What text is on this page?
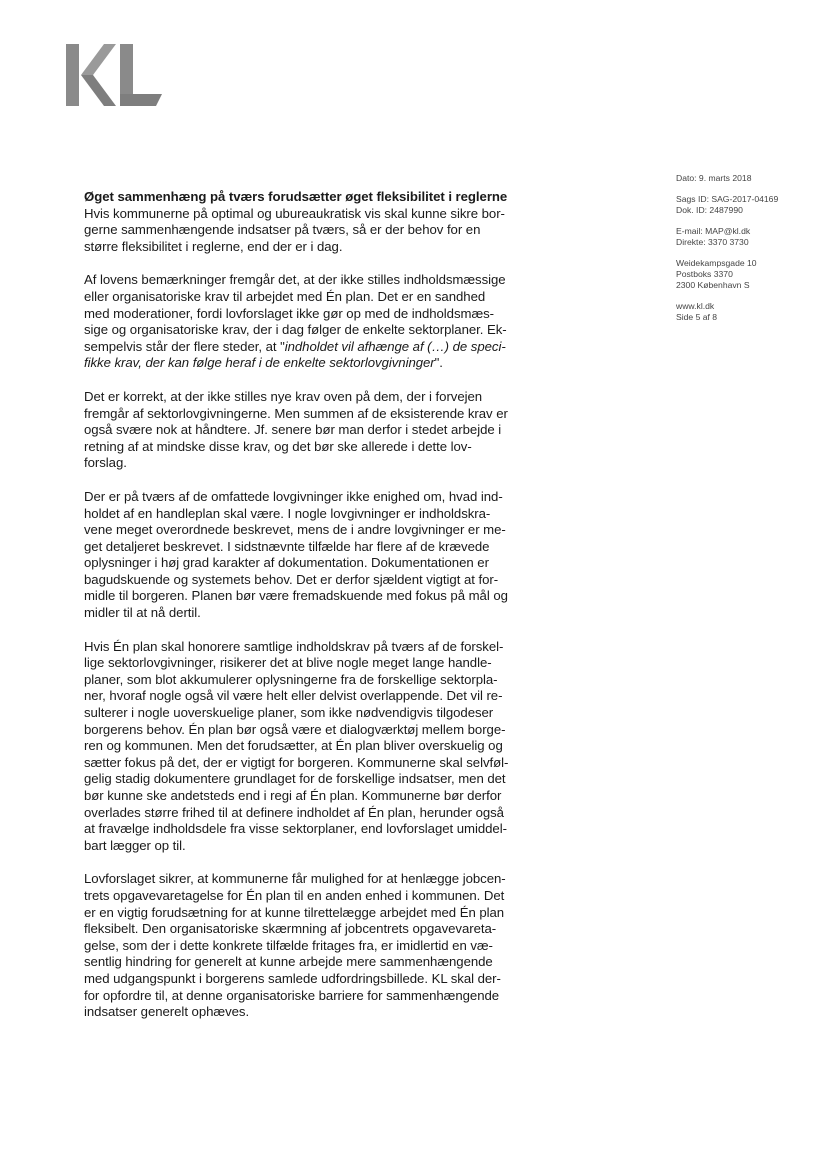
Dato: 9. marts 2018
Sags ID: SAG-2017-04169
Dok. ID: 2487990
E-mail: MAP@kl.dk
Direkte: 3370 3730
Weidekampsgade 10
Postboks 3370
2300 København S
www.kl.dk
Side 5 af 8
Øget sammenhæng på tværs forudsætter øget fleksibilitet i reglerne
Hvis kommunerne på optimal og ubureaukratisk vis skal kunne sikre bor-
gerne sammenhængende indsatser på tværs, så er der behov for en
større fleksibilitet i reglerne, end der er i dag.
Af lovens bemærkninger fremgår det, at der ikke stilles indholdsmæssige
eller organisatoriske krav til arbejdet med Én plan. Det er en sandhed
med moderationer, fordi lovforslaget ikke gør op med de indholdsmæs-
sige og organisatoriske krav, der i dag følger de enkelte sektorplaner. Ek-
sempelvis står der flere steder, at "indholdet vil afhænge af (…) de speci-
fikke krav, der kan følge heraf i de enkelte sektorlovgivninger".
Det er korrekt, at der ikke stilles nye krav oven på dem, der i forvejen
fremgår af sektorlovgivningerne. Men summen af de eksisterende krav er
også svære nok at håndtere. Jf. senere bør man derfor i stedet arbejde i
retning af at mindske disse krav, og det bør ske allerede i dette lov-
forslag.
Der er på tværs af de omfattede lovgivninger ikke enighed om, hvad ind-
holdet af en handleplan skal være. I nogle lovgivninger er indholdskra-
vene meget overordnede beskrevet, mens de i andre lovgivninger er me-
get detaljeret beskrevet. I sidstnævnte tilfælde har flere af de krævede
oplysninger i høj grad karakter af dokumentation. Dokumentationen er
bagudskuende og systemets behov. Det er derfor sjældent vigtigt at for-
midle til borgeren. Planen bør være fremadskuende med fokus på mål og
midler til at nå dertil.
Hvis Én plan skal honorere samtlige indholdskrav på tværs af de forskel-
lige sektorlovgivninger, risikerer det at blive nogle meget lange handle-
planer, som blot akkumulerer oplysningerne fra de forskellige sektorpla-
ner, hvoraf nogle også vil være helt eller delvist overlappende. Det vil re-
sulterer i nogle uoverskuelige planer, som ikke nødvendigvis tilgodeser
borgerens behov. Én plan bør også være et dialogværktøj mellem borge-
ren og kommunen. Men det forudsætter, at Én plan bliver overskuelig og
sætter fokus på det, der er vigtigt for borgeren. Kommunerne skal selvføl-
gelig stadig dokumentere grundlaget for de forskellige indsatser, men det
bør kunne ske andetsteds end i regi af Én plan. Kommunerne bør derfor
overlades større frihed til at definere indholdet af Én plan, herunder også
at fravælge indholdsdele fra visse sektorplaner, end lovforslaget umiddel-
bart lægger op til.
Lovforslaget sikrer, at kommunerne får mulighed for at henlægge jobcen-
trets opgavevaretagelse for Én plan til en anden enhed i kommunen. Det
er en vigtig forudsætning for at kunne tilrettelægge arbejdet med Én plan
fleksibelt. Den organisatoriske skærmning af jobcentrets opgavevareta-
gelse, som der i dette konkrete tilfælde fritages fra, er imidlertid en væ-
sentlig hindring for generelt at kunne arbejde mere sammenhængende
med udgangspunkt i borgerens samlede udfordringsbillede. KL skal der-
for opfordre til, at denne organisatoriske barriere for sammenhængende
indsatser generelt ophæves.
